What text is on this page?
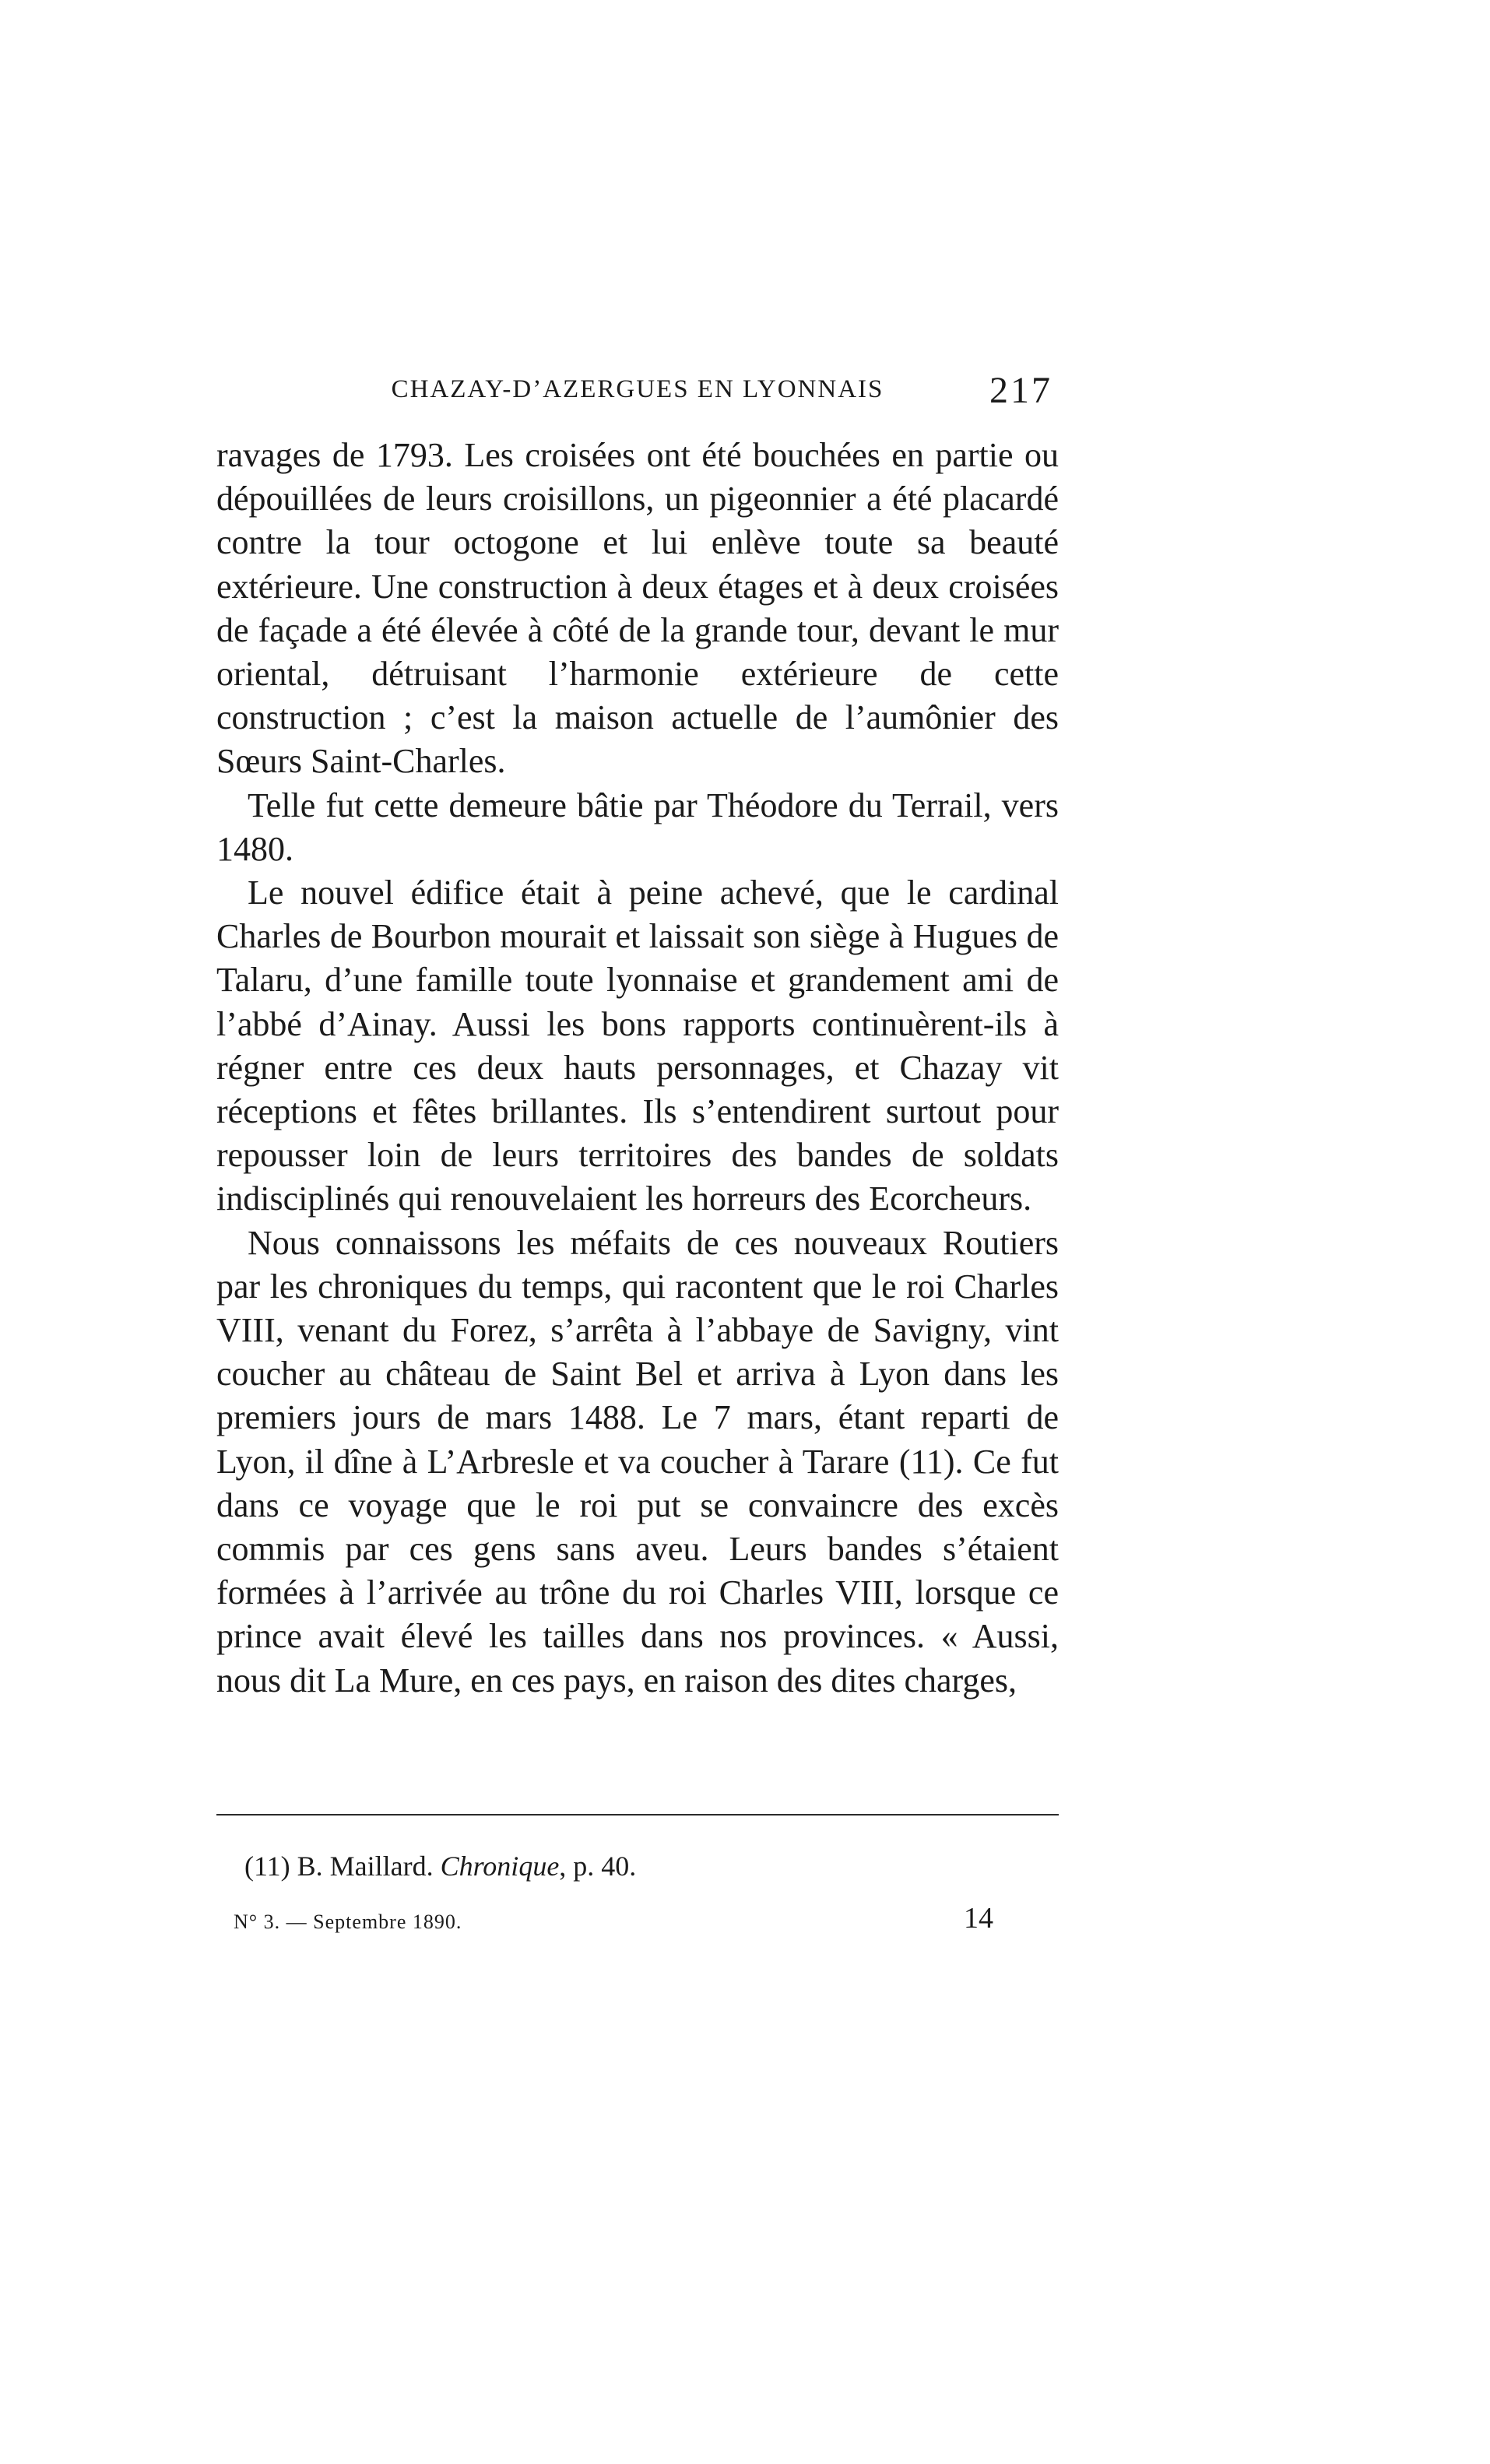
CHAZAY-D’AZERGUES EN LYONNAIS	217

ravages de 1793. Les croisées ont été bouchées en partie ou dépouillées de leurs croisillons, un pigeonnier a été placardé contre la tour octogone et lui enlève toute sa beauté extérieure. Une construction à deux étages et à deux croisées de façade a été élevée à côté de la grande tour, devant le mur oriental, détruisant l’harmonie extérieure de cette construction ; c’est la maison actuelle de l’aumônier des Sœurs Saint-Charles.

Telle fut cette demeure bâtie par Théodore du Terrail, vers 1480.

Le nouvel édifice était à peine achevé, que le cardinal Charles de Bourbon mourait et laissait son siège à Hugues de Talaru, d’une famille toute lyonnaise et grandement ami de l’abbé d’Ainay. Aussi les bons rapports continuèrent-ils à régner entre ces deux hauts personnages, et Chazay vit réceptions et fêtes brillantes. Ils s’entendirent surtout pour repousser loin de leurs territoires des bandes de soldats indisciplinés qui renouvelaient les horreurs des Ecorcheurs.

Nous connaissons les méfaits de ces nouveaux Routiers par les chroniques du temps, qui racontent que le roi Charles VIII, venant du Forez, s’arrêta à l’abbaye de Savigny, vint coucher au château de Saint Bel et arriva à Lyon dans les premiers jours de mars 1488. Le 7 mars, étant reparti de Lyon, il dîne à L’Arbresle et va coucher à Tarare (11). Ce fut dans ce voyage que le roi put se convaincre des excès commis par ces gens sans aveu. Leurs bandes s’étaient formées à l’arrivée au trône du roi Charles VIII, lorsque ce prince avait élevé les tailles dans nos provinces. « Aussi, nous dit La Mure, en ces pays, en raison des dites charges,

(11) B. Maillard. Chronique, p. 40.
N° 3. — Septembre 1890.	14
